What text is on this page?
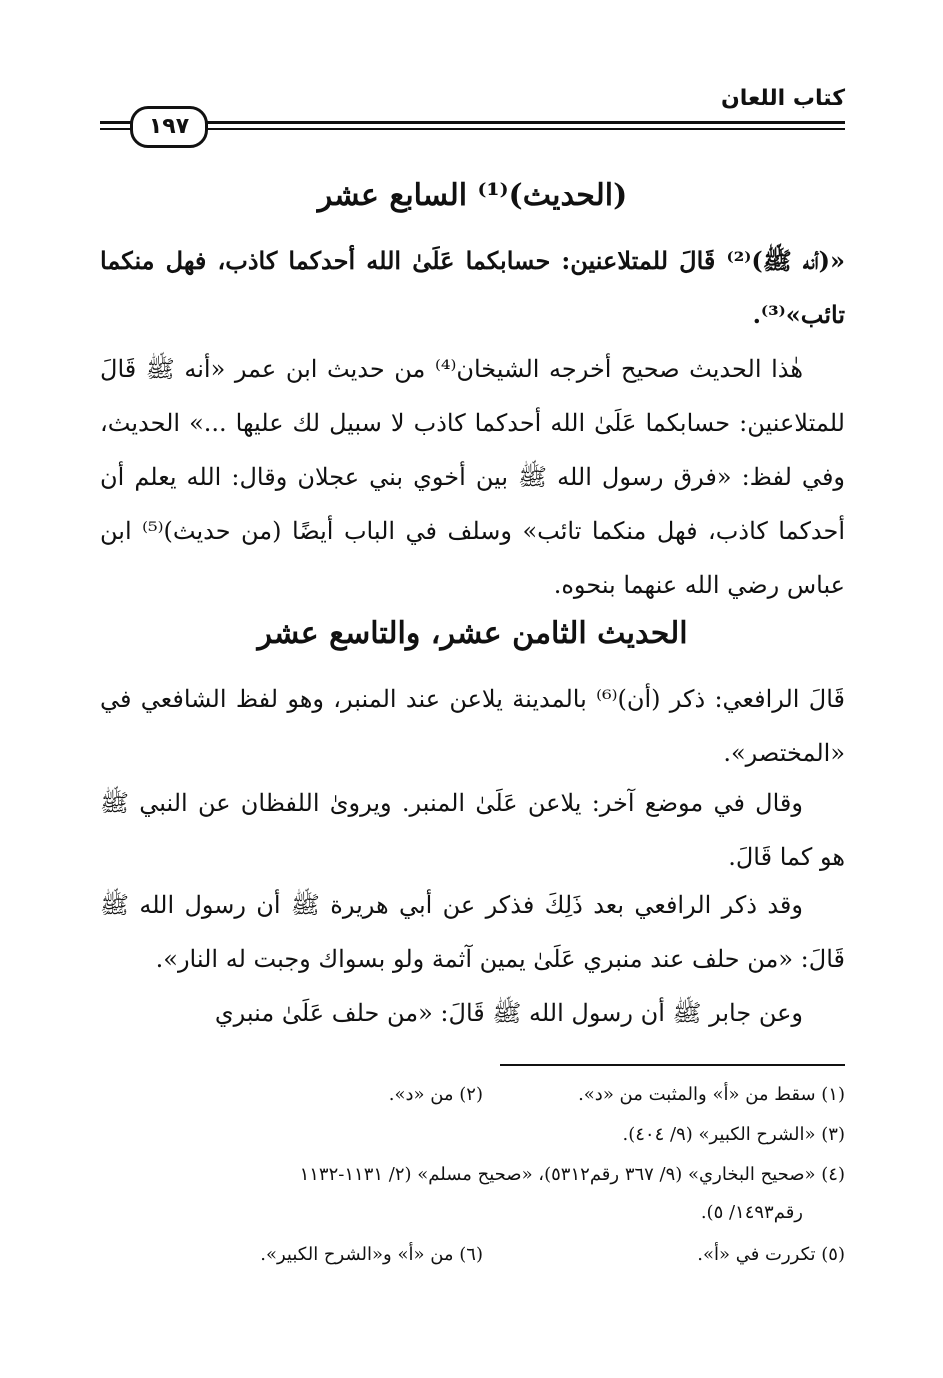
كتاب اللعان
١٩٧
(الحديث)⁽¹⁾ السابع عشر
«(أنه ﷺ)⁽²⁾ قَالَ للمتلاعنين: حسابكما عَلَىٰ الله أحدكما كاذب، فهل منكما تائب»⁽³⁾.
هٰذا الحديث صحيح أخرجه الشيخان⁽⁴⁾ من حديث ابن عمر «أنه ﷺ قَالَ للمتلاعنين: حسابكما عَلَىٰ الله أحدكما كاذب لا سبيل لك عليها ...» الحديث، وفي لفظ: «فرق رسول الله ﷺ بين أخوي بني عجلان وقال: الله يعلم أن أحدكما كاذب، فهل منكما تائب» وسلف في الباب أيضًا (من حديث)⁽⁵⁾ ابن عباس رضي الله عنهما بنحوه.
الحديث الثامن عشر، والتاسع عشر
قَالَ الرافعي: ذكر (أن)⁽⁶⁾ بالمدينة يلاعن عند المنبر، وهو لفظ الشافعي في «المختصر».
وقال في موضع آخر: يلاعن عَلَىٰ المنبر. ويروىٰ اللفظان عن النبي ﷺ هو كما قَالَ.
وقد ذكر الرافعي بعد ذَلِكَ فذكر عن أبي هريرة ﷺ أن رسول الله ﷺ قَالَ: «من حلف عند منبري عَلَىٰ يمين آثمة ولو بسواك وجبت له النار».
وعن جابر ﷺ أن رسول الله ﷺ قَالَ: «من حلف عَلَىٰ منبري
(١) سقط من «أ» والمثبت من «د».
(٢) من «د».
(٣) «الشرح الكبير» (٩/ ٤٠٤).
(٤) «صحيح البخاري» (٩/ ٣٦٧ رقم٥٣١٢)، «صحيح مسلم» (٢/ ١١٣١-١١٣٢
رقم١٤٩٣/ ٥).
(٥) تكررت في «أ».
(٦) من «أ» و«الشرح الكبير».
